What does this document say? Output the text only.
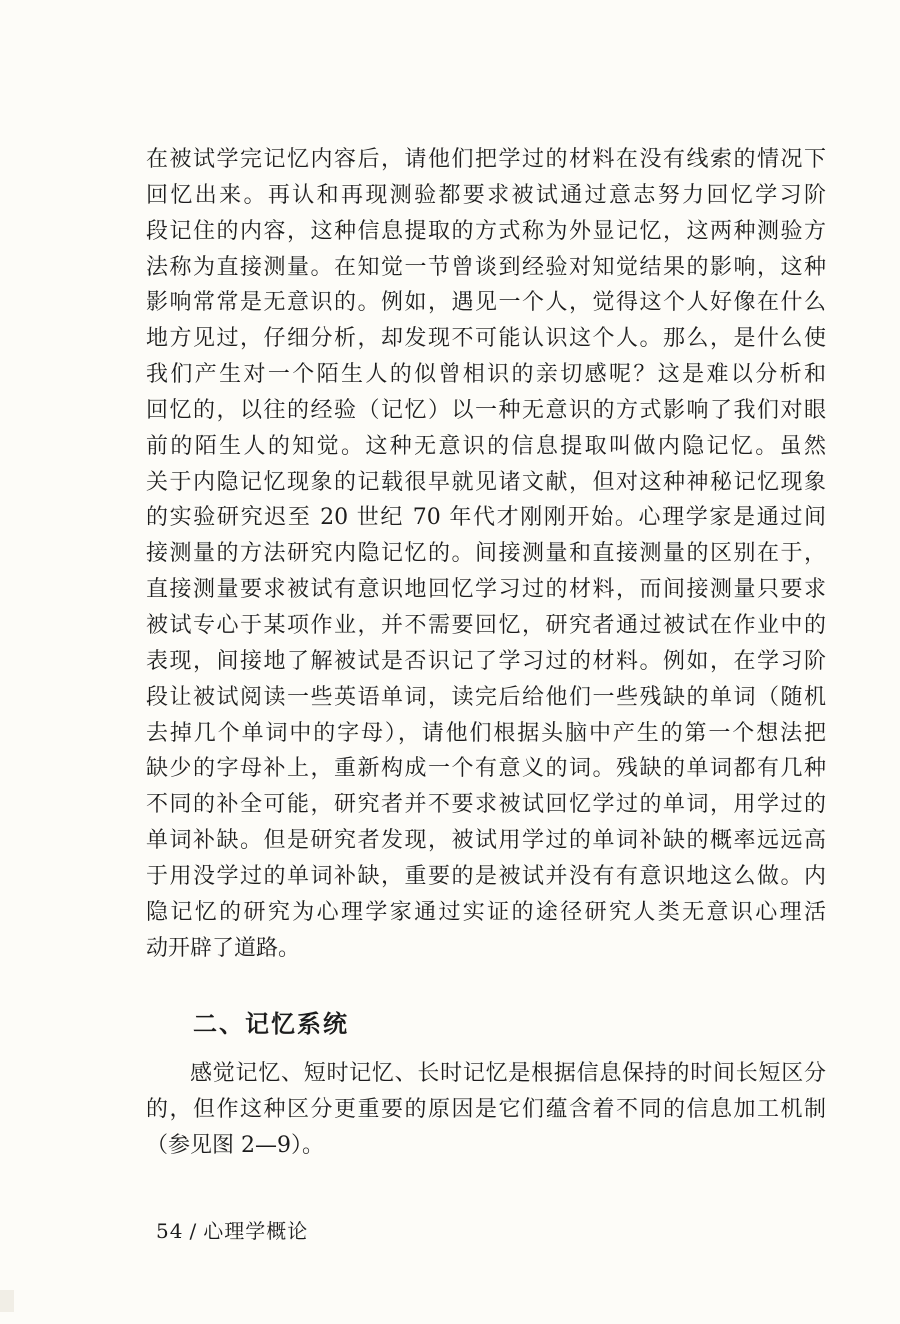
在被试学完记忆内容后，请他们把学过的材料在没有线索的情况下
回忆出来。再认和再现测验都要求被试通过意志努力回忆学习阶
段记住的内容，这种信息提取的方式称为外显记忆，这两种测验方
法称为直接测量。在知觉一节曾谈到经验对知觉结果的影响，这种
影响常常是无意识的。例如，遇见一个人，觉得这个人好像在什么
地方见过，仔细分析，却发现不可能认识这个人。那么，是什么使
我们产生对一个陌生人的似曾相识的亲切感呢？这是难以分析和
回忆的，以往的经验（记忆）以一种无意识的方式影响了我们对眼
前的陌生人的知觉。这种无意识的信息提取叫做内隐记忆。虽然
关于内隐记忆现象的记载很早就见诸文献，但对这种神秘记忆现象
的实验研究迟至 20 世纪 70 年代才刚刚开始。心理学家是通过间
接测量的方法研究内隐记忆的。间接测量和直接测量的区别在于，
直接测量要求被试有意识地回忆学习过的材料，而间接测量只要求
被试专心于某项作业，并不需要回忆，研究者通过被试在作业中的
表现，间接地了解被试是否识记了学习过的材料。例如，在学习阶
段让被试阅读一些英语单词，读完后给他们一些残缺的单词（随机
去掉几个单词中的字母），请他们根据头脑中产生的第一个想法把
缺少的字母补上，重新构成一个有意义的词。残缺的单词都有几种
不同的补全可能，研究者并不要求被试回忆学过的单词，用学过的
单词补缺。但是研究者发现，被试用学过的单词补缺的概率远远高
于用没学过的单词补缺，重要的是被试并没有有意识地这么做。内
隐记忆的研究为心理学家通过实证的途径研究人类无意识心理活
动开辟了道路。
二、记忆系统
感觉记忆、短时记忆、长时记忆是根据信息保持的时间长短区分
的，但作这种区分更重要的原因是它们蕴含着不同的信息加工机制
（参见图 2—9）。
54 / 心理学概论
